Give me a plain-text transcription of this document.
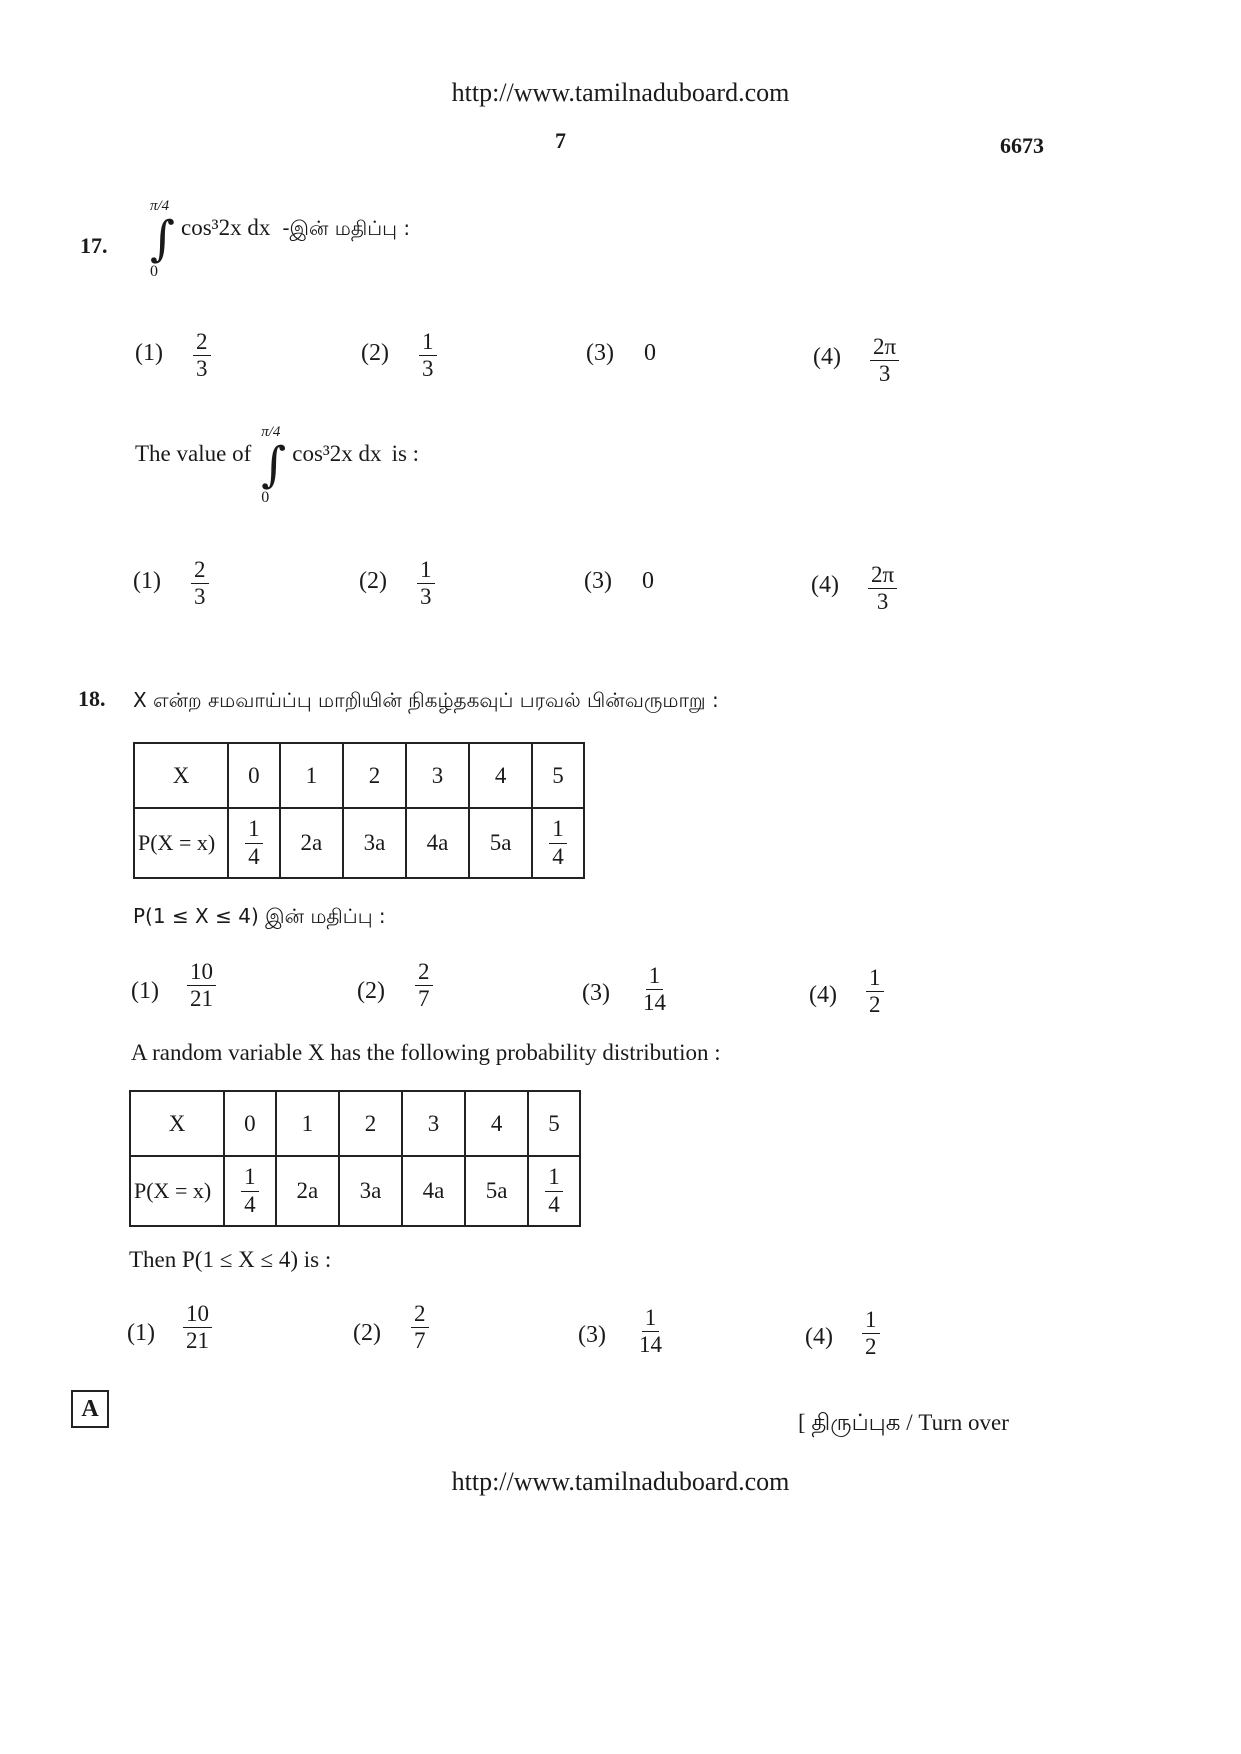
http://www.tamilnaduboard.com
7	6673
17.
π/4
∫
0
cos³2x dx -இன் மதிப்பு :
$(1) \frac{2}{3}$	$(2) \frac{1}{3}$	(3) 0	$(4) \frac{2\pi}{3}$
The value of
π/4
∫
0
cos³2x dx is :
$(1) \frac{2}{3}$	$(2) \frac{1}{3}$	(3) 0	$(4) \frac{2\pi}{3}$
18. X என்ற சமவாய்ப்பு மாறியின் நிகழ்தகவுப் பரவல் பின்வருமாறு :
X	0	1	2	3	4	5
P(X = x)	$\frac{1}{4}$	2a	3a	4a	5a	$\frac{1}{4}$
P(1 ≤ X ≤ 4) இன் மதிப்பு :
$(1) \frac{10}{21}$	$(2) \frac{2}{7}$	$(3) \frac{1}{14}$	$(4) \frac{1}{2}$
A random variable X has the following probability distribution :
X	0	1	2	3	4	5
P(X = x)	$\frac{1}{4}$	2a	3a	4a	5a	$\frac{1}{4}$
Then P(1 ≤ X ≤ 4) is :
$(1) \frac{10}{21}$	$(2) \frac{2}{7}$	$(3) \frac{1}{14}$	$(4) \frac{1}{2}$
A
[ திருப்புக / Turn over
http://www.tamilnaduboard.com
